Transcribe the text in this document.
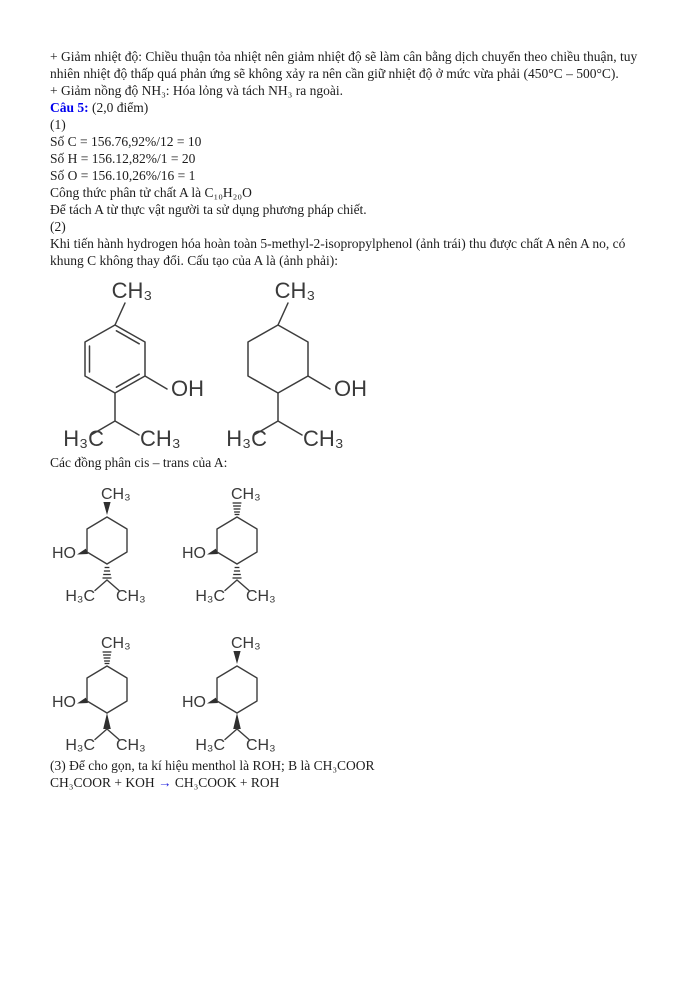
+ Giảm nhiệt độ: Chiều thuận tỏa nhiệt nên giảm nhiệt độ sẽ làm cân bằng dịch chuyển theo chiều thuận, tuy nhiên nhiệt độ thấp quá phản ứng sẽ không xảy ra nên cần giữ nhiệt độ ở mức vừa phải (450°C – 500°C).

+ Giảm nồng độ NH₃: Hóa lỏng và tách NH₃ ra ngoài.

Câu 5: (2,0 điểm)

(1)

Số C = 156.76,92%/12 = 10

Số H = 156.12,82%/1 = 20

Số O = 156.10,26%/16 = 1

Công thức phân tử chất A là C₁₀H₂₀O

Để tách A từ thực vật người ta sử dụng phương pháp chiết.

(2)

Khi tiến hành hydrogen hóa hoàn toàn 5-methyl-2-isopropylphenol (ảnh trái) thu được chất A nên A no, có khung C không thay đổi. Cấu tạo của A là (ảnh phải):

CH₃
OH
H₃C CH₃
CH₃
OH
H₃C CH₃

Các đồng phân cis – trans của A:

CH₃
HO
H₃C CH₃
CH₃
HO
H₃C CH₃
CH₃
HO
H₃C CH₃
CH₃
HO
H₃C CH₃

(3) Để cho gọn, ta kí hiệu menthol là ROH; B là CH₃COOR

CH₃COOR + KOH → CH₃COOK + ROH
